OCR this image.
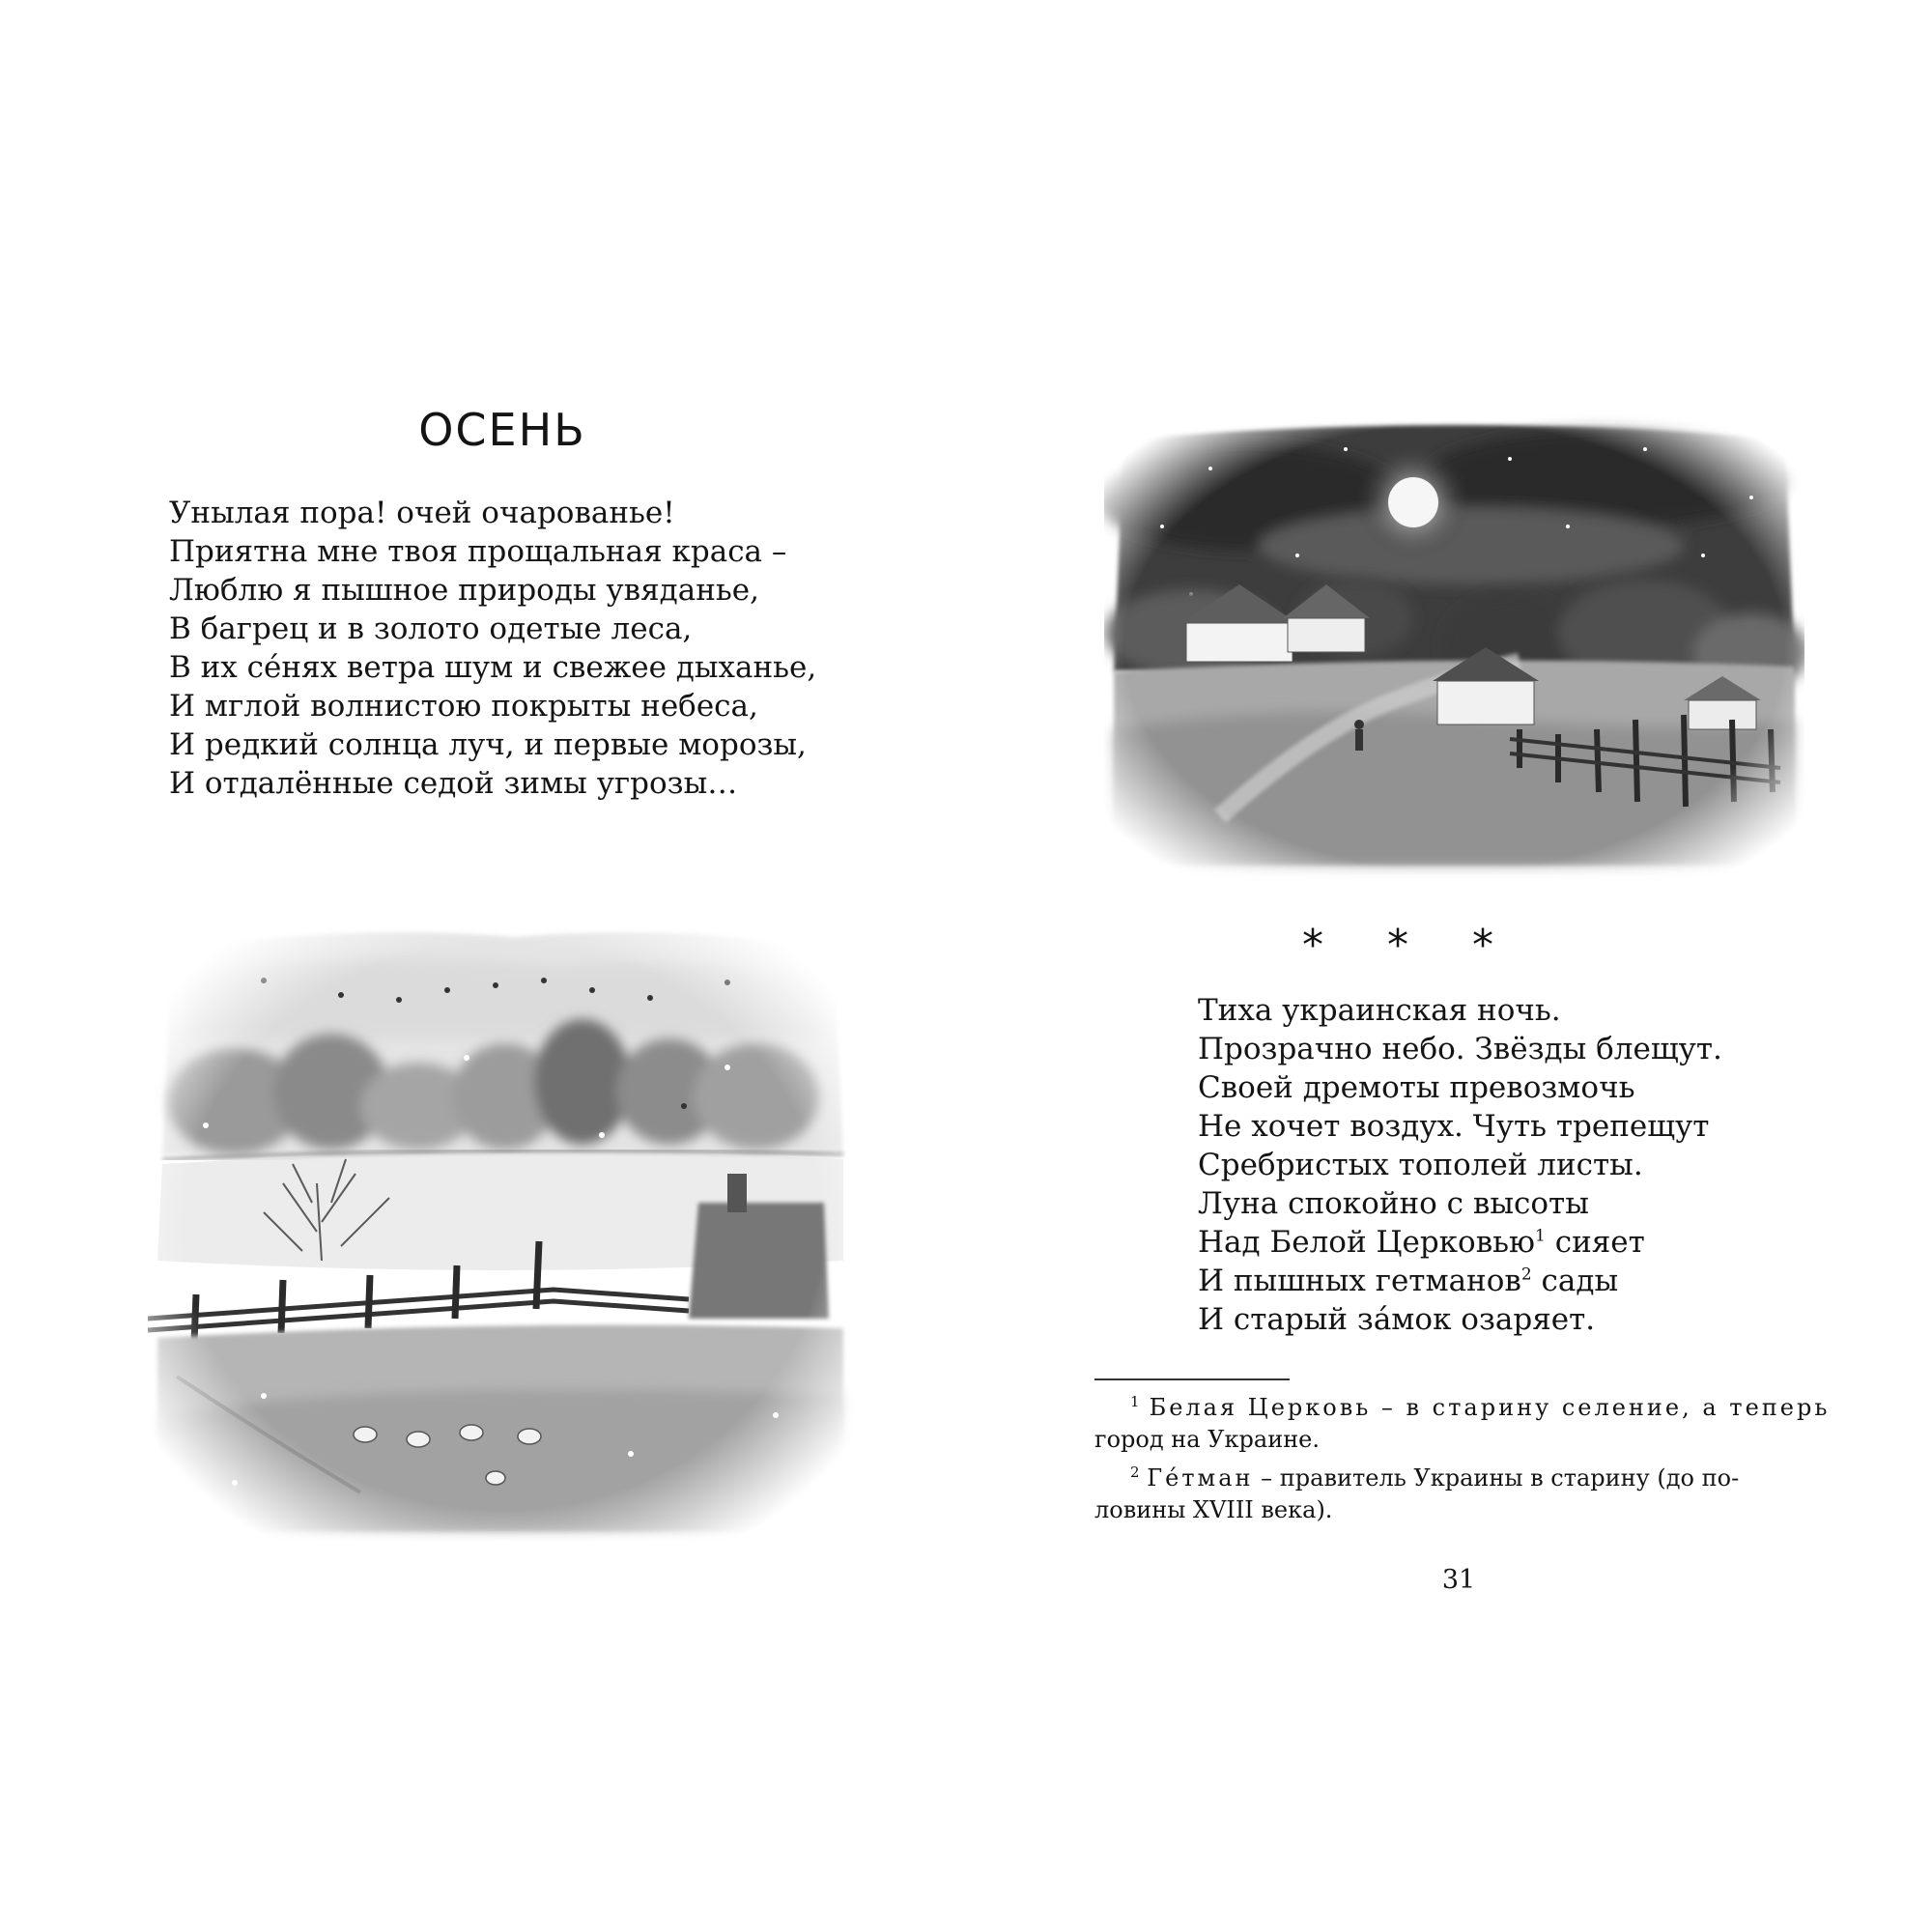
ОСЕНЬ
Унылая пора! очей очарованье!
Приятна мне твоя прощальная краса –
Люблю я пышное природы увяданье,
В багрец и в золото одетые леса,
В их се́нях ветра шум и свежее дыханье,
И мглой волнистою покрыты небеса,
И редкий солнца луч, и первые морозы,
И отдалённые седой зимы угрозы…
* * *
Тиха украинская ночь.
Прозрачно небо. Звёзды блещут.
Своей дремоты превозмочь
Не хочет воздух. Чуть трепещут
Сребристых тополей листы.
Луна спокойно с высоты
Над Белой Церковью$^1$ сияет
И пышных гетманов$^2$ сады
И старый за́мок озаряет.
$^1$ Белая Церковь – в старину селение, а теперь
город на Украине.
$^2$ Ге́тман – правитель Украины в старину (до по-
ловины XVIII века).
31
